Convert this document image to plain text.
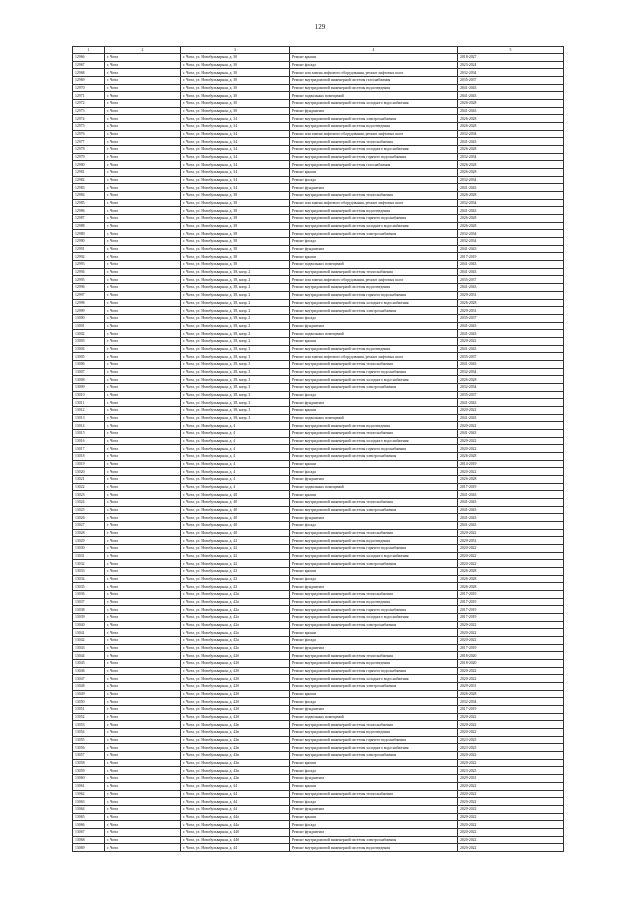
129
1	2	3	4	5
12966	г. Чита	г. Чита, ул. Новобульварная, д. 30	Ремонт крыши	2018-2027
12967	г. Чита	г. Чита, ул. Новобульварная, д. 30	Ремонт фасада	2023-2024
12968	г. Чита	г. Чита, ул. Новобульварная, д. 30	Ремонт или замена лифтового оборудования, ремонт лифтовых шахт	2032-2034
12969	г. Чита	г. Чита, ул. Новобульварная, д. 30	Ремонт внутридомовой инженерной системы газоснабжения	2035-2037
12970	г. Чита	г. Чита, ул. Новобульварная, д. 30	Ремонт внутридомовой инженерной системы водоотведения	2041-2043
12971	г. Чита	г. Чита, ул. Новобульварная, д. 30	Ремонт подвальных помещений	2041-2043
12972	г. Чита	г. Чита, ул. Новобульварная, д. 30	Ремонт внутридомовой инженерной системы холодного водоснабжения	2026-2028
12973	г. Чита	г. Чита, ул. Новобульварная, д. 30	Ремонт фундамента	2041-2043
12974	г. Чита	г. Чита, ул. Новобульварная, д. 34	Ремонт внутридомовой инженерной системы электроснабжения	2026-2028
12975	г. Чита	г. Чита, ул. Новобульварная, д. 34	Ремонт внутридомовой инженерной системы водоотведения	2026-2028
12976	г. Чита	г. Чита, ул. Новобульварная, д. 34	Ремонт или замена лифтового оборудования, ремонт лифтовых шахт	2032-2034
12977	г. Чита	г. Чита, ул. Новобульварная, д. 34	Ремонт внутридомовой инженерной системы теплоснабжения	2041-2043
12978	г. Чита	г. Чита, ул. Новобульварная, д. 34	Ремонт внутридомовой инженерной системы холодного водоснабжения	2026-2028
12979	г. Чита	г. Чита, ул. Новобульварная, д. 34	Ремонт внутридомовой инженерной системы горячего водоснабжения	2032-2034
12980	г. Чита	г. Чита, ул. Новобульварная, д. 34	Ремонт внутридомовой инженерной системы газоснабжения	2026-2028
12981	г. Чита	г. Чита, ул. Новобульварная, д. 34	Ремонт крыши	2026-2028
12982	г. Чита	г. Чита, ул. Новобульварная, д. 34	Ремонт фасада	2032-2034
12983	г. Чита	г. Чита, ул. Новобульварная, д. 34	Ремонт фундамента	2041-2043
12984	г. Чита	г. Чита, ул. Новобульварная, д. 38	Ремонт внутридомовой инженерной системы теплоснабжения	2026-2028
12985	г. Чита	г. Чита, ул. Новобульварная, д. 38	Ремонт или замена лифтового оборудования, ремонт лифтовых шахт	2032-2034
12986	г. Чита	г. Чита, ул. Новобульварная, д. 38	Ремонт внутридомовой инженерной системы водоотведения	2041-2043
12987	г. Чита	г. Чита, ул. Новобульварная, д. 38	Ремонт внутридомовой инженерной системы горячего водоснабжения	2026-2028
12988	г. Чита	г. Чита, ул. Новобульварная, д. 38	Ремонт внутридомовой инженерной системы холодного водоснабжения	2026-2028
12989	г. Чита	г. Чита, ул. Новобульварная, д. 38	Ремонт внутридомовой инженерной системы электроснабжения	2032-2034
12990	г. Чита	г. Чита, ул. Новобульварная, д. 38	Ремонт фасада	2032-2034
12991	г. Чита	г. Чита, ул. Новобульварная, д. 38	Ремонт фундамента	2041-2043
12992	г. Чита	г. Чита, ул. Новобульварная, д. 38	Ремонт крыши	2017-2019
12993	г. Чита	г. Чита, ул. Новобульварная, д. 38	Ремонт подвальных помещений	2041-2043
12994	г. Чита	г. Чита, ул. Новобульварная, д. 38, копр. 2	Ремонт внутридомовой инженерной системы теплоснабжения	2041-2043
12995	г. Чита	г. Чита, ул. Новобульварная, д. 38, копр. 2	Ремонт или замена лифтового оборудования, ремонт лифтовых шахт	2035-2037
12996	г. Чита	г. Чита, ул. Новобульварная, д. 38, копр. 2	Ремонт внутридомовой инженерной системы водоотведения	2041-2043
12997	г. Чита	г. Чита, ул. Новобульварная, д. 38, копр. 2	Ремонт внутридомовой инженерной системы горячего водоснабжения	2029-2031
12998	г. Чита	г. Чита, ул. Новобульварная, д. 38, копр. 2	Ремонт внутридомовой инженерной системы холодного водоснабжения	2026-2028
12999	г. Чита	г. Чита, ул. Новобульварная, д. 38, копр. 2	Ремонт внутридомовой инженерной системы электроснабжения	2029-2031
13000	г. Чита	г. Чита, ул. Новобульварная, д. 38, копр. 2	Ремонт фасада	2035-2037
13001	г. Чита	г. Чита, ул. Новобульварная, д. 38, копр. 2	Ремонт фундамента	2041-2043
13002	г. Чита	г. Чита, ул. Новобульварная, д. 38, копр. 2	Ремонт подвальных помещений	2041-2043
13003	г. Чита	г. Чита, ул. Новобульварная, д. 38, копр. 2	Ремонт крыши	2020-2022
13004	г. Чита	г. Чита, ул. Новобульварная, д. 38, копр. 3	Ремонт внутридомовой инженерной системы водоотведения	2041-2043
13005	г. Чита	г. Чита, ул. Новобульварная, д. 38, копр. 3	Ремонт или замена лифтового оборудования, ремонт лифтовых шахт	2035-2037
13006	г. Чита	г. Чита, ул. Новобульварная, д. 38, копр. 3	Ремонт внутридомовой инженерной системы теплоснабжения	2041-2043
13007	г. Чита	г. Чита, ул. Новобульварная, д. 38, копр. 3	Ремонт внутридомовой инженерной системы горячего водоснабжения	2032-2034
13008	г. Чита	г. Чита, ул. Новобульварная, д. 38, копр. 3	Ремонт внутридомовой инженерной системы холодного водоснабжения	2026-2028
13009	г. Чита	г. Чита, ул. Новобульварная, д. 38, копр. 3	Ремонт внутридомовой инженерной системы электроснабжения	2032-2034
13010	г. Чита	г. Чита, ул. Новобульварная, д. 38, копр. 3	Ремонт фасада	2035-2037
13011	г. Чита	г. Чита, ул. Новобульварная, д. 38, копр. 3	Ремонт фундамента	2041-2043
13012	г. Чита	г. Чита, ул. Новобульварная, д. 38, копр. 3	Ремонт крыши	2020-2022
13013	г. Чита	г. Чита, ул. Новобульварная, д. 38, копр. 3	Ремонт подвальных помещений	2041-2043
13014	г. Чита	г. Чита, ул. Новобульварная, д. 4	Ремонт внутридомовой инженерной системы водоотведения	2020-2022
13015	г. Чита	г. Чита, ул. Новобульварная, д. 4	Ремонт внутридомовой инженерной системы теплоснабжения	2041-2043
13016	г. Чита	г. Чита, ул. Новобульварная, д. 4	Ремонт внутридомовой инженерной системы холодного водоснабжения	2020-2022
13017	г. Чита	г. Чита, ул. Новобульварная, д. 4	Ремонт внутридомовой инженерной системы горячего водоснабжения	2020-2022
13018	г. Чита	г. Чита, ул. Новобульварная, д. 4	Ремонт внутридомовой инженерной системы электроснабжения	2026-2028
13019	г. Чита	г. Чита, ул. Новобульварная, д. 4	Ремонт крыши	2014-2019
13020	г. Чита	г. Чита, ул. Новобульварная, д. 4	Ремонт фасада	2020-2022
13021	г. Чита	г. Чита, ул. Новобульварная, д. 4	Ремонт фундамента	2026-2028
13022	г. Чита	г. Чита, ул. Новобульварная, д. 4	Ремонт подвальных помещений	2017-2019
13023	г. Чита	г. Чита, ул. Новобульварная, д. 40	Ремонт крыши	2041-2043
13024	г. Чита	г. Чита, ул. Новобульварная, д. 40	Ремонт внутридомовой инженерной системы теплоснабжения	2041-2043
13025	г. Чита	г. Чита, ул. Новобульварная, д. 40	Ремонт внутридомовой инженерной системы электроснабжения	2041-2043
13026	г. Чита	г. Чита, ул. Новобульварная, д. 40	Ремонт фундамента	2041-2043
13027	г. Чита	г. Чита, ул. Новобульварная, д. 40	Ремонт фасада	2041-2043
13028	г. Чита	г. Чита, ул. Новобульварная, д. 40	Ремонт внутридомовой инженерной системы теплоснабжения	2020-2022
13029	г. Чита	г. Чита, ул. Новобульварная, д. 42	Ремонт внутридомовой инженерной системы водоотведения	2029-2031
13030	г. Чита	г. Чита, ул. Новобульварная, д. 42	Ремонт внутридомовой инженерной системы горячего водоснабжения	2020-2022
13031	г. Чита	г. Чита, ул. Новобульварная, д. 42	Ремонт внутридомовой инженерной системы холодного водоснабжения	2020-2022
13032	г. Чита	г. Чита, ул. Новобульварная, д. 42	Ремонт внутридомовой инженерной системы электроснабжения	2020-2022
13033	г. Чита	г. Чита, ул. Новобульварная, д. 42	Ремонт крыши	2026-2028
13034	г. Чита	г. Чита, ул. Новобульварная, д. 42	Ремонт фасада	2026-2028
13035	г. Чита	г. Чита, ул. Новобульварная, д. 42	Ремонт фундамента	2026-2028
13036	г. Чита	г. Чита, ул. Новобульварная, д. 42а	Ремонт внутридомовой инженерной системы теплоснабжения	2017-2019
13037	г. Чита	г. Чита, ул. Новобульварная, д. 42а	Ремонт внутридомовой инженерной системы водоотведения	2017-2019
13038	г. Чита	г. Чита, ул. Новобульварная, д. 42а	Ремонт внутридомовой инженерной системы горячего водоснабжения	2017-2019
13039	г. Чита	г. Чита, ул. Новобульварная, д. 42а	Ремонт внутридомовой инженерной системы холодного водоснабжения	2017-2019
13040	г. Чита	г. Чита, ул. Новобульварная, д. 42а	Ремонт внутридомовой инженерной системы электроснабжения	2020-2022
13041	г. Чита	г. Чита, ул. Новобульварная, д. 42а	Ремонт крыши	2020-2022
13042	г. Чита	г. Чита, ул. Новобульварная, д. 42а	Ремонт фасада	2020-2022
13043	г. Чита	г. Чита, ул. Новобульварная, д. 42а	Ремонт фундамента	2017-2019
13044	г. Чита	г. Чита, ул. Новобульварная, д. 42б	Ремонт внутридомовой инженерной системы теплоснабжения	2018-2020
13045	г. Чита	г. Чита, ул. Новобульварная, д. 42б	Ремонт внутридомовой инженерной системы водоотведения	2018-2020
13046	г. Чита	г. Чита, ул. Новобульварная, д. 42б	Ремонт внутридомовой инженерной системы горячего водоснабжения	2020-2022
13047	г. Чита	г. Чита, ул. Новобульварная, д. 42б	Ремонт внутридомовой инженерной системы холодного водоснабжения	2020-2022
13048	г. Чита	г. Чита, ул. Новобульварная, д. 42б	Ремонт внутридомовой инженерной системы электроснабжения	2029-2031
13049	г. Чита	г. Чита, ул. Новобульварная, д. 42б	Ремонт крыши	2026-2028
13050	г. Чита	г. Чита, ул. Новобульварная, д. 42б	Ремонт фасада	2032-2034
13051	г. Чита	г. Чита, ул. Новобульварная, д. 42б	Ремонт фундамента	2017-2019
13052	г. Чита	г. Чита, ул. Новобульварная, д. 42б	Ремонт подвальных помещений	2020-2022
13053	г. Чита	г. Чита, ул. Новобульварная, д. 42в	Ремонт внутридомовой инженерной системы теплоснабжения	2020-2022
13054	г. Чита	г. Чита, ул. Новобульварная, д. 42в	Ремонт внутридомовой инженерной системы водоотведения	2020-2022
13055	г. Чита	г. Чита, ул. Новобульварная, д. 42в	Ремонт внутридомовой инженерной системы горячего водоснабжения	2023-2025
13056	г. Чита	г. Чита, ул. Новобульварная, д. 42в	Ремонт внутридомовой инженерной системы холодного водоснабжения	2023-2025
13057	г. Чита	г. Чита, ул. Новобульварная, д. 42в	Ремонт внутридомовой инженерной системы электроснабжения	2020-2022
13058	г. Чита	г. Чита, ул. Новобульварная, д. 42в	Ремонт крыши	2020-2022
13059	г. Чита	г. Чита, ул. Новобульварная, д. 42в	Ремонт фасада	2023-2025
13060	г. Чита	г. Чита, ул. Новобульварная, д. 42в	Ремонт фундамента	2029-2031
13061	г. Чита	г. Чита, ул. Новобульварная, д. 44	Ремонт крыши	2020-2022
13062	г. Чита	г. Чита, ул. Новобульварная, д. 44	Ремонт внутридомовой инженерной системы теплоснабжения	2020-2022
13063	г. Чита	г. Чита, ул. Новобульварная, д. 44	Ремонт фасада	2020-2022
13064	г. Чита	г. Чита, ул. Новобульварная, д. 44	Ремонт фундамента	2020-2022
13065	г. Чита	г. Чита, ул. Новобульварная, д. 44а	Ремонт крыши	2020-2022
13066	г. Чита	г. Чита, ул. Новобульварная, д. 44а	Ремонт фасада	2020-2022
13067	г. Чита	г. Чита, ул. Новобульварная, д. 44б	Ремонт фундамента	2020-2022
13068	г. Чита	г. Чита, ул. Новобульварная, д. 44б	Ремонт внутридомовой инженерной системы электроснабжения	2020-2022
13069	г. Чита	г. Чита, ул. Новобульварная, д. 44	Ремонт внутридомовой инженерной системы водоотведения	2020-2022
